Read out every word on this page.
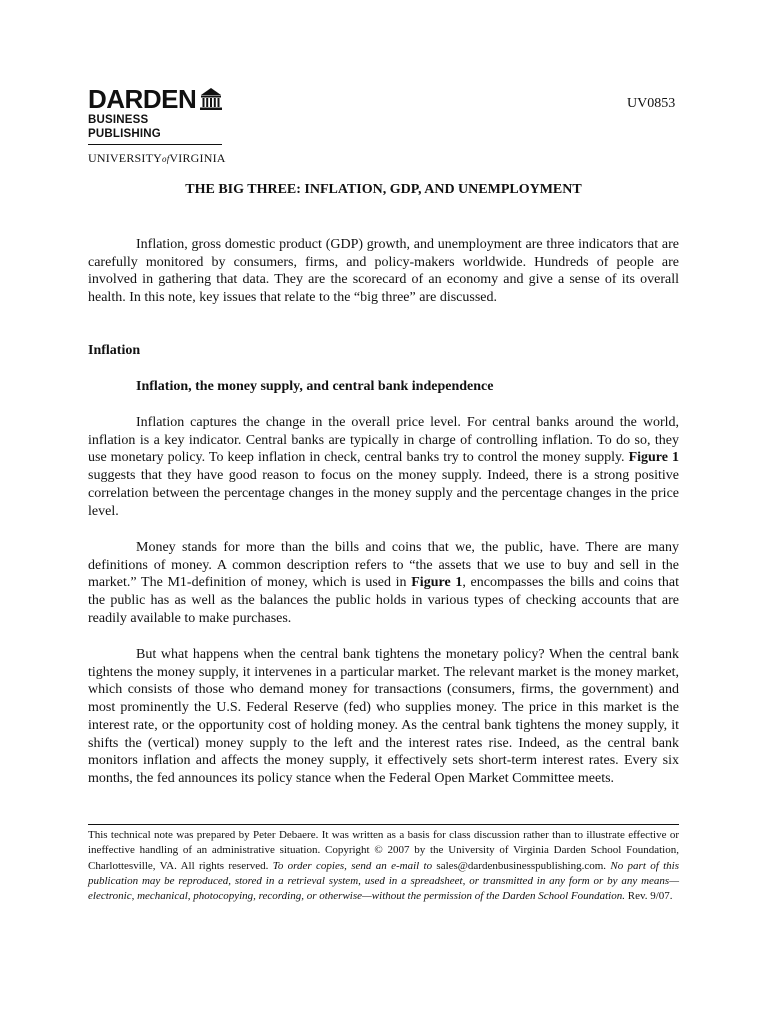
DARDEN
BUSINESS PUBLISHING
UNIVERSITYofVIRGINIA
UV0853
THE BIG THREE: INFLATION, GDP, AND UNEMPLOYMENT

Inflation, gross domestic product (GDP) growth, and unemployment are three indicators that are carefully monitored by consumers, firms, and policy-makers worldwide. Hundreds of people are involved in gathering that data. They are the scorecard of an economy and give a sense of its overall health. In this note, key issues that relate to the “big three” are discussed.

Inflation
Inflation, the money supply, and central bank independence

Inflation captures the change in the overall price level. For central banks around the world, inflation is a key indicator. Central banks are typically in charge of controlling inflation. To do so, they use monetary policy. To keep inflation in check, central banks try to control the money supply. Figure 1 suggests that they have good reason to focus on the money supply. Indeed, there is a strong positive correlation between the percentage changes in the money supply and the percentage changes in the price level.

Money stands for more than the bills and coins that we, the public, have. There are many definitions of money. A common description refers to “the assets that we use to buy and sell in the market.” The M1-definition of money, which is used in Figure 1, encompasses the bills and coins that the public has as well as the balances the public holds in various types of checking accounts that are readily available to make purchases.

But what happens when the central bank tightens the monetary policy? When the central bank tightens the money supply, it intervenes in a particular market. The relevant market is the money market, which consists of those who demand money for transactions (consumers, firms, the government) and most prominently the U.S. Federal Reserve (fed) who supplies money. The price in this market is the interest rate, or the opportunity cost of holding money. As the central bank tightens the money supply, it shifts the (vertical) money supply to the left and the interest rates rise. Indeed, as the central bank monitors inflation and affects the money supply, it effectively sets short-term interest rates. Every six months, the fed announces its policy stance when the Federal Open Market Committee meets.

This technical note was prepared by Peter Debaere. It was written as a basis for class discussion rather than to illustrate effective or ineffective handling of an administrative situation. Copyright © 2007 by the University of Virginia Darden School Foundation, Charlottesville, VA. All rights reserved. To order copies, send an e-mail to sales@dardenbusinesspublishing.com. No part of this publication may be reproduced, stored in a retrieval system, used in a spreadsheet, or transmitted in any form or by any means—electronic, mechanical, photocopying, recording, or otherwise—without the permission of the Darden School Foundation. Rev. 9/07.
